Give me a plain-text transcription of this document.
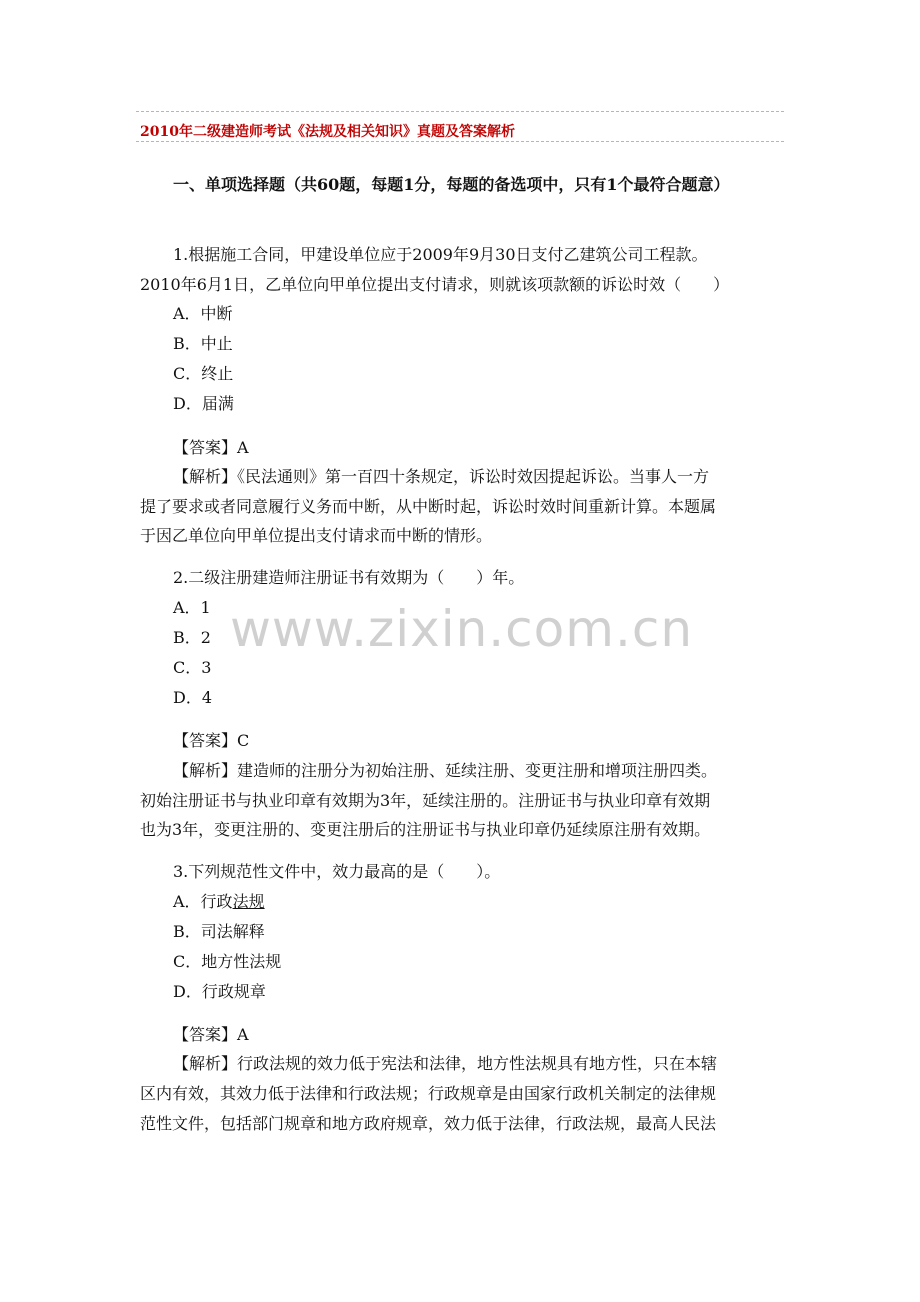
2010年二级建造师考试《法规及相关知识》真题及答案解析
一、单项选择题（共60题，每题1分，每题的备选项中，只有1个最符合题意）
1.根据施工合同，甲建设单位应于2009年9月30日支付乙建筑公司工程款。
2010年6月1日，乙单位向甲单位提出支付请求，则就该项款额的诉讼时效（　　）
A．中断
B．中止
C．终止
D．届满
【答案】A
【解析】《民法通则》第一百四十条规定，诉讼时效因提起诉讼。当事人一方
提了要求或者同意履行义务而中断，从中断时起，诉讼时效时间重新计算。本题属
于因乙单位向甲单位提出支付请求而中断的情形。
2.二级注册建造师注册证书有效期为（　　）年。
A．1
B．2
C．3
D．4
【答案】C
【解析】建造师的注册分为初始注册、延续注册、变更注册和增项注册四类。
初始注册证书与执业印章有效期为3年，延续注册的。注册证书与执业印章有效期
也为3年，变更注册的、变更注册后的注册证书与执业印章仍延续原注册有效期。
3.下列规范性文件中，效力最高的是（　　）。
A．行政法规
B．司法解释
C．地方性法规
D．行政规章
【答案】A
【解析】行政法规的效力低于宪法和法律，地方性法规具有地方性，只在本辖
区内有效，其效力低于法律和行政法规；行政规章是由国家行政机关制定的法律规
范性文件，包括部门规章和地方政府规章，效力低于法律，行政法规，最高人民法
www.zixin.com.cn
